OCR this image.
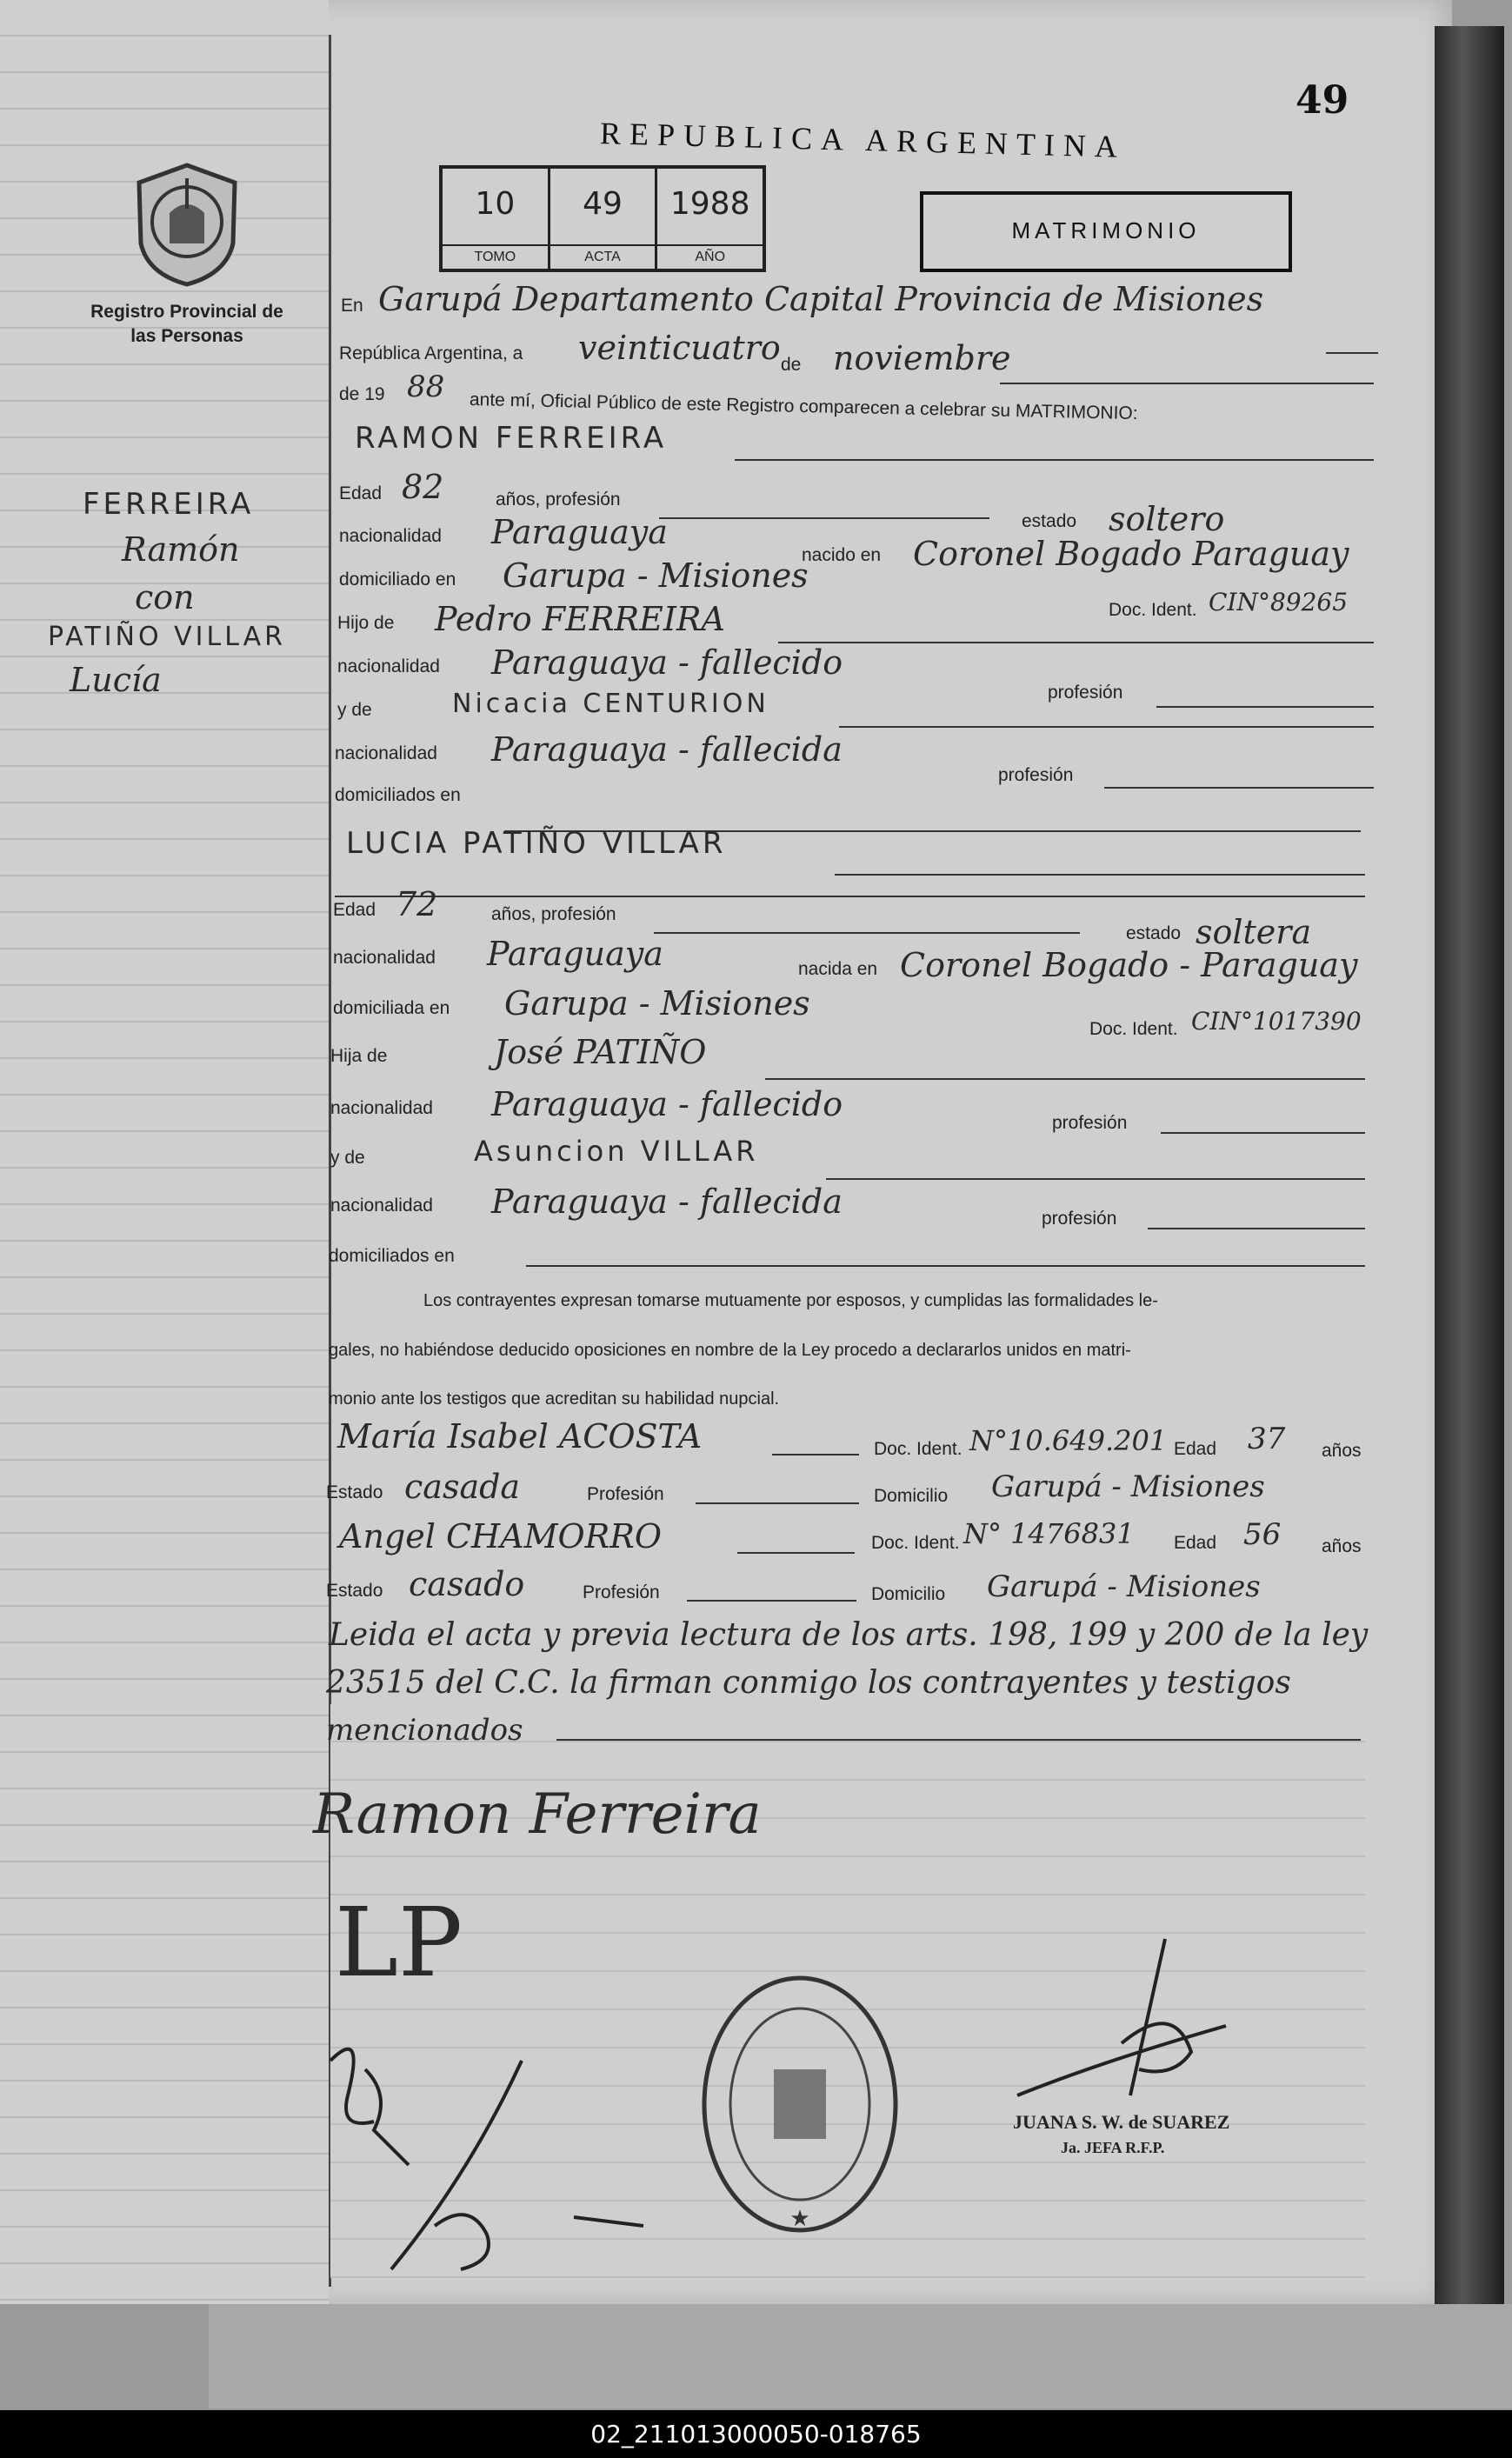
49
REPUBLICA ARGENTINA
Registro Provincial de las Personas
10
TOMO
49
ACTA
1988
AÑO
MATRIMONIO
FERREIRA
Ramón
con
PATIÑO VILLAR
Lucía
En Garupá Departamento Capital Provincia de Misiones
República Argentina, a veinticuatro de noviembre
de 19 88
ante mí, Oficial Público de este Registro comparecen a celebrar su MATRIMONIO:
RAMON FERREIRA
Edad 82	años, profesión
estado soltero
nacionalidad Paraguaya
nacido en Coronel Bogado Paraguay
domiciliado en Garupa - Misiones
Doc. Ident. CIN°89265
Hijo de Pedro FERREIRA
nacionalidad Paraguaya - fallecido
profesión
y de	Nicacia CENTURION
nacionalidad Paraguaya - fallecida
profesión
domiciliados en
LUCIA PATIÑO VILLAR
Edad 72	años, profesión
estado soltera
nacionalidad Paraguaya	nacida en Coronel Bogado - Paraguay
domiciliada en Garupa - Misiones
Doc. Ident. CIN°1017390
Hija de	José PATIÑO
nacionalidad Paraguaya - fallecido	profesión
y de	Asuncion VILLAR
nacionalidad Paraguaya - fallecida	profesión
domiciliados en
Los contrayentes expresan tomarse mutuamente por esposos, y cumplidas las formalidades le-
gales, no habiéndose deducido oposiciones en nombre de la Ley procedo a declararlos unidos en matri-
monio ante los testigos que acreditan su habilidad nupcial.
María Isabel ACOSTA	Doc. Ident. N°10.649.201 Edad 37 años
Estado casada	Profesión	Domicilio Garupá - Misiones
Angel CHAMORRO	Doc. Ident. N° 1476831 Edad 56 años
Estado casado	Profesión	Domicilio Garupá - Misiones
Leida el acta y previa lectura de los arts. 198, 199 y 200 de la ley
23515 del C.C. la firman conmigo los contrayentes y testigos
mencionados
Ramon Ferreira
LP
★
JUANA S. W. de SUAREZ
Ja. JEFA R.F.P.
02_211013000050-018765
